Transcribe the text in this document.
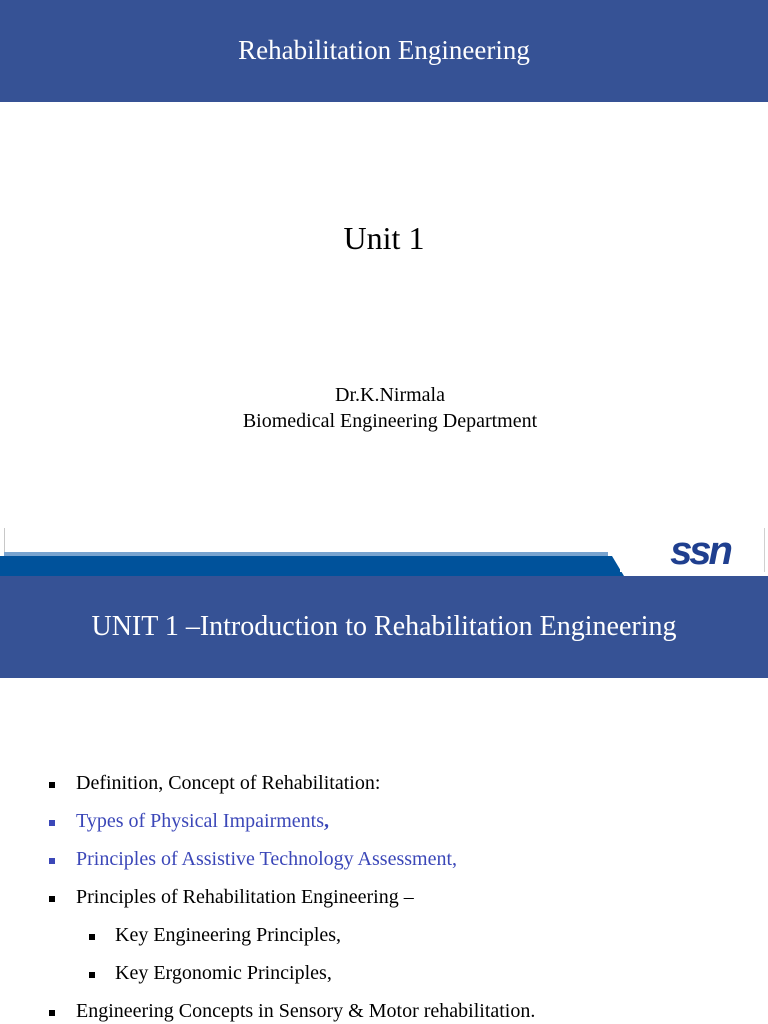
Rehabilitation Engineering
Unit 1
Dr.K.Nirmala
Biomedical Engineering Department
ssn
UNIT 1 –Introduction to Rehabilitation Engineering
Definition, Concept of Rehabilitation:
Types of Physical Impairments,
Principles of Assistive Technology Assessment,
Principles of Rehabilitation Engineering –
Key Engineering Principles,
Key Ergonomic Principles,
Engineering Concepts in Sensory & Motor rehabilitation.
